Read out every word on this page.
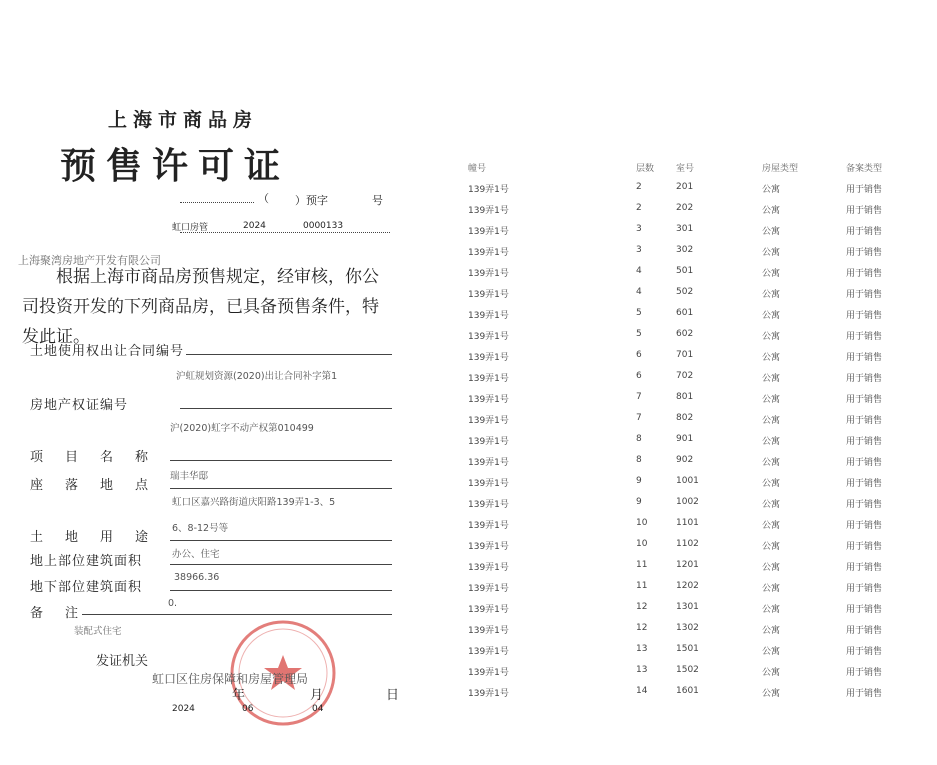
上海市商品房
预售许可证
（ ）预字	号
虹口房管	2024	0000133
上海聚湾房地产开发有限公司
根据上海市商品房预售规定，经审核，你公司投资开发的下列商品房，已具备预售条件，特发此证。
土地使用权出让合同编号
沪虹规划资源(2020)出让合同补字第1
房地产权证编号
沪(2020)虹字不动产权第010499
项目名称
瑞丰华邸
座落地点
虹口区嘉兴路街道庆阳路139弄1-3、5
土地用途
6、8-12号等
地上部位建筑面积	办公、住宅
地下部位建筑面积
38966.36
备注
0.
装配式住宅
发证机关
虹口区住房保障和房屋管理局
年	月	日
2024	06	04
幢号	层数 室号	房屋类型	备案类型
139弄1号	2	201	公寓	用于销售
139弄1号	2	202	公寓	用于销售
139弄1号	3	301	公寓	用于销售
139弄1号	3	302	公寓	用于销售
139弄1号	4	501	公寓	用于销售
139弄1号	4	502	公寓	用于销售
139弄1号	5	601	公寓	用于销售
139弄1号	5	602	公寓	用于销售
139弄1号	6	701	公寓	用于销售
139弄1号	6	702	公寓	用于销售
139弄1号	7	801	公寓	用于销售
139弄1号	7	802	公寓	用于销售
139弄1号	8	901	公寓	用于销售
139弄1号	8	902	公寓	用于销售
139弄1号	9	1001	公寓	用于销售
139弄1号	9	1002	公寓	用于销售
139弄1号	10	1101	公寓	用于销售
139弄1号	10	1102	公寓	用于销售
139弄1号	11	1201	公寓	用于销售
139弄1号	11	1202	公寓	用于销售
139弄1号	12	1301	公寓	用于销售
139弄1号	12	1302	公寓	用于销售
139弄1号	13	1501	公寓	用于销售
139弄1号	13	1502	公寓	用于销售
139弄1号	14	1601	公寓	用于销售
